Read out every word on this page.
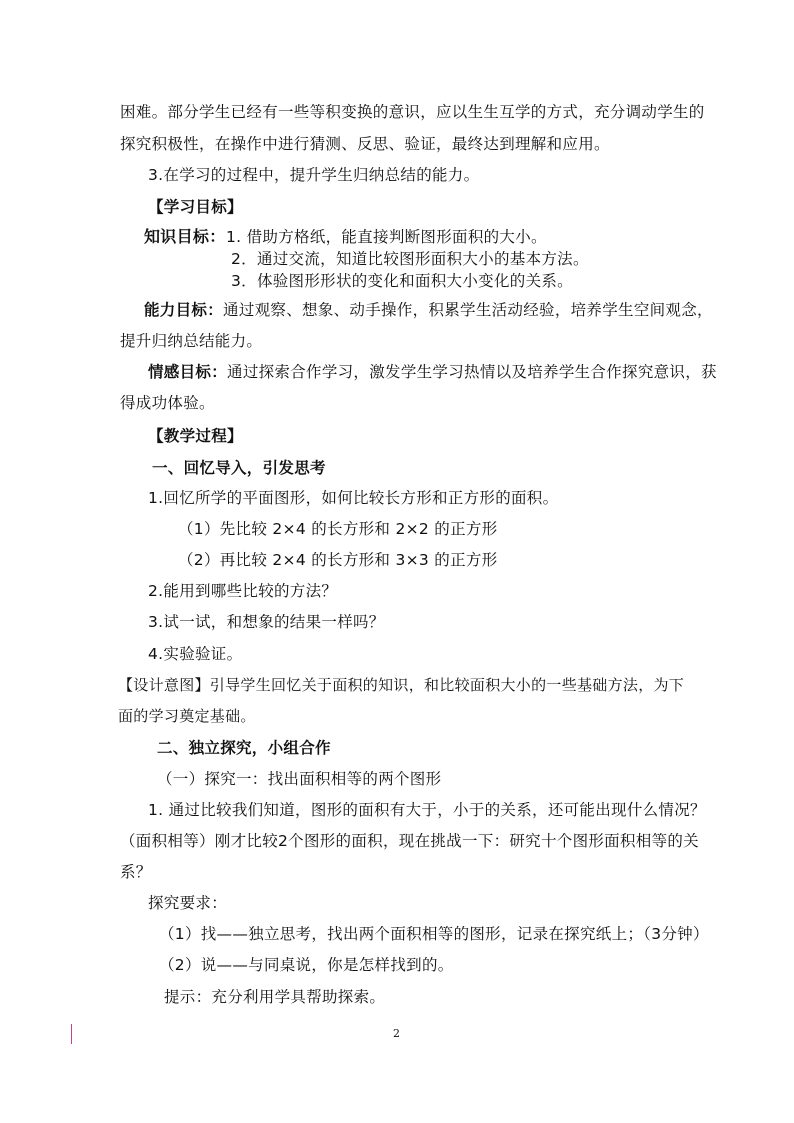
困难。部分学生已经有一些等积变换的意识，应以生生互学的方式，充分调动学生的
探究积极性，在操作中进行猜测、反思、验证，最终达到理解和应用。
3.在学习的过程中，提升学生归纳总结的能力。
【学习目标】
知识目标： 1. 借助方格纸，能直接判断图形面积的大小。
2．通过交流，知道比较图形面积大小的基本方法。
3．体验图形形状的变化和面积大小变化的关系。
能力目标：通过观察、想象、动手操作，积累学生活动经验，培养学生空间观念，
提升归纳总结能力。
情感目标：通过探索合作学习，激发学生学习热情以及培养学生合作探究意识，获
得成功体验。
【教学过程】
一、回忆导入，引发思考
1.回忆所学的平面图形，如何比较长方形和正方形的面积。
（1）先比较 2×4 的长方形和 2×2 的正方形
（2）再比较 2×4 的长方形和 3×3 的正方形
2.能用到哪些比较的方法？
3.试一试，和想象的结果一样吗？
4.实验验证。
【设计意图】引导学生回忆关于面积的知识，和比较面积大小的一些基础方法，为下
面的学习奠定基础。
二、独立探究，小组合作
（一）探究一：找出面积相等的两个图形
1. 通过比较我们知道，图形的面积有大于，小于的关系，还可能出现什么情况？
（面积相等）刚才比较2个图形的面积，现在挑战一下：研究十个图形面积相等的关
系？
探究要求：
（1）找——独立思考，找出两个面积相等的图形，记录在探究纸上；（3分钟）
（2）说——与同桌说，你是怎样找到的。
提示：充分利用学具帮助探索。
2
